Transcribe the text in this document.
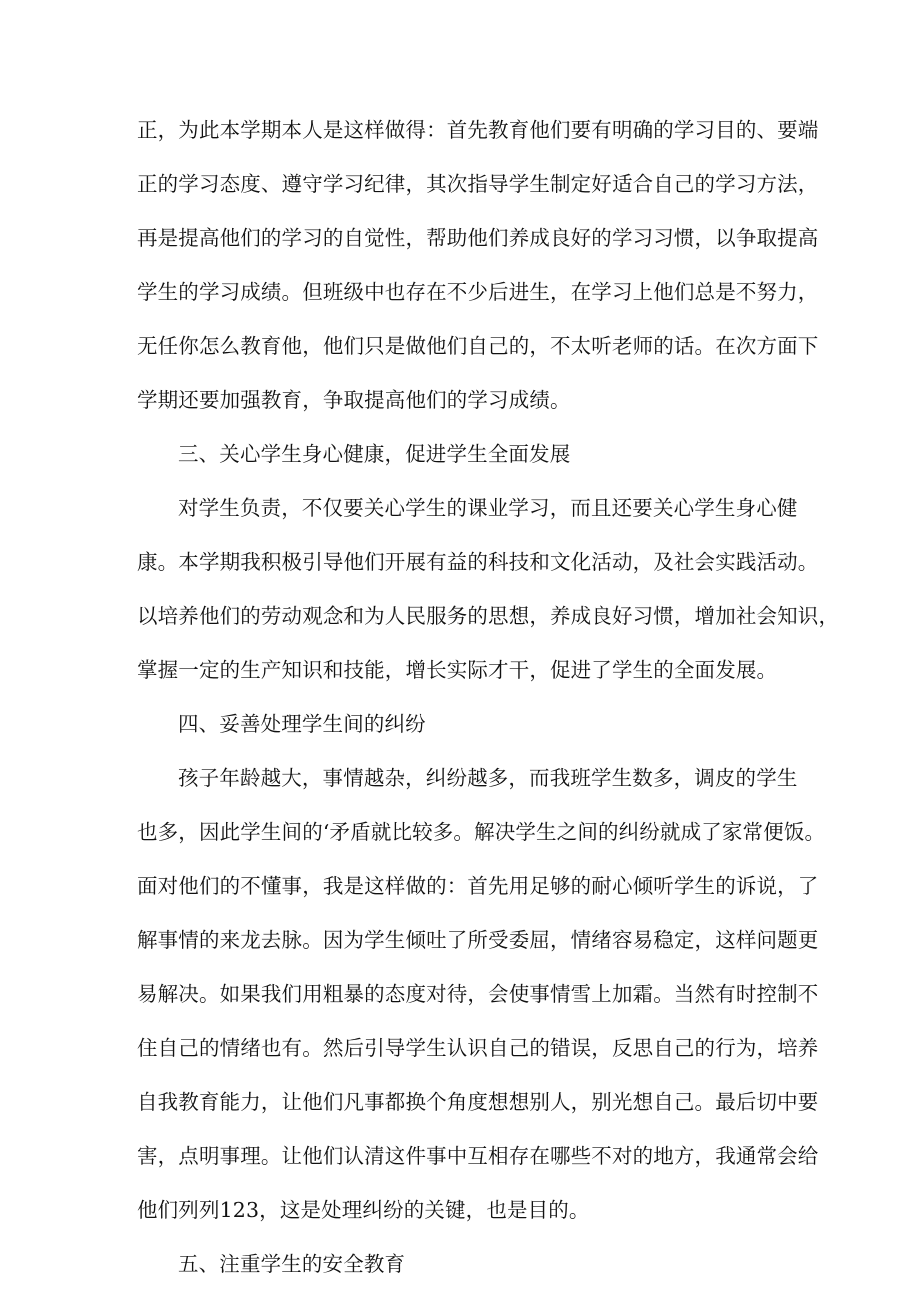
正，为此本学期本人是这样做得：首先教育他们要有明确的学习目的、要端
正的学习态度、遵守学习纪律，其次指导学生制定好适合自己的学习方法，
再是提高他们的学习的自觉性，帮助他们养成良好的学习习惯，以争取提高
学生的学习成绩。但班级中也存在不少后进生，在学习上他们总是不努力，
无任你怎么教育他，他们只是做他们自己的，不太听老师的话。在次方面下
学期还要加强教育，争取提高他们的学习成绩。
三、关心学生身心健康，促进学生全面发展
对学生负责，不仅要关心学生的课业学习，而且还要关心学生身心健
康。本学期我积极引导他们开展有益的科技和文化活动，及社会实践活动。
以培养他们的劳动观念和为人民服务的思想，养成良好习惯，增加社会知识，
掌握一定的生产知识和技能，增长实际才干，促进了学生的全面发展。
四、妥善处理学生间的纠纷
孩子年龄越大，事情越杂，纠纷越多，而我班学生数多，调皮的学生
也多，因此学生间的‘矛盾就比较多。解决学生之间的纠纷就成了家常便饭。
面对他们的不懂事，我是这样做的：首先用足够的耐心倾听学生的诉说，了
解事情的来龙去脉。因为学生倾吐了所受委屈，情绪容易稳定，这样问题更
易解决。如果我们用粗暴的态度对待，会使事情雪上加霜。当然有时控制不
住自己的情绪也有。然后引导学生认识自己的错误，反思自己的行为，培养
自我教育能力，让他们凡事都换个角度想想别人，别光想自己。最后切中要
害，点明事理。让他们认清这件事中互相存在哪些不对的地方，我通常会给
他们列列123，这是处理纠纷的关键，也是目的。
五、注重学生的安全教育
